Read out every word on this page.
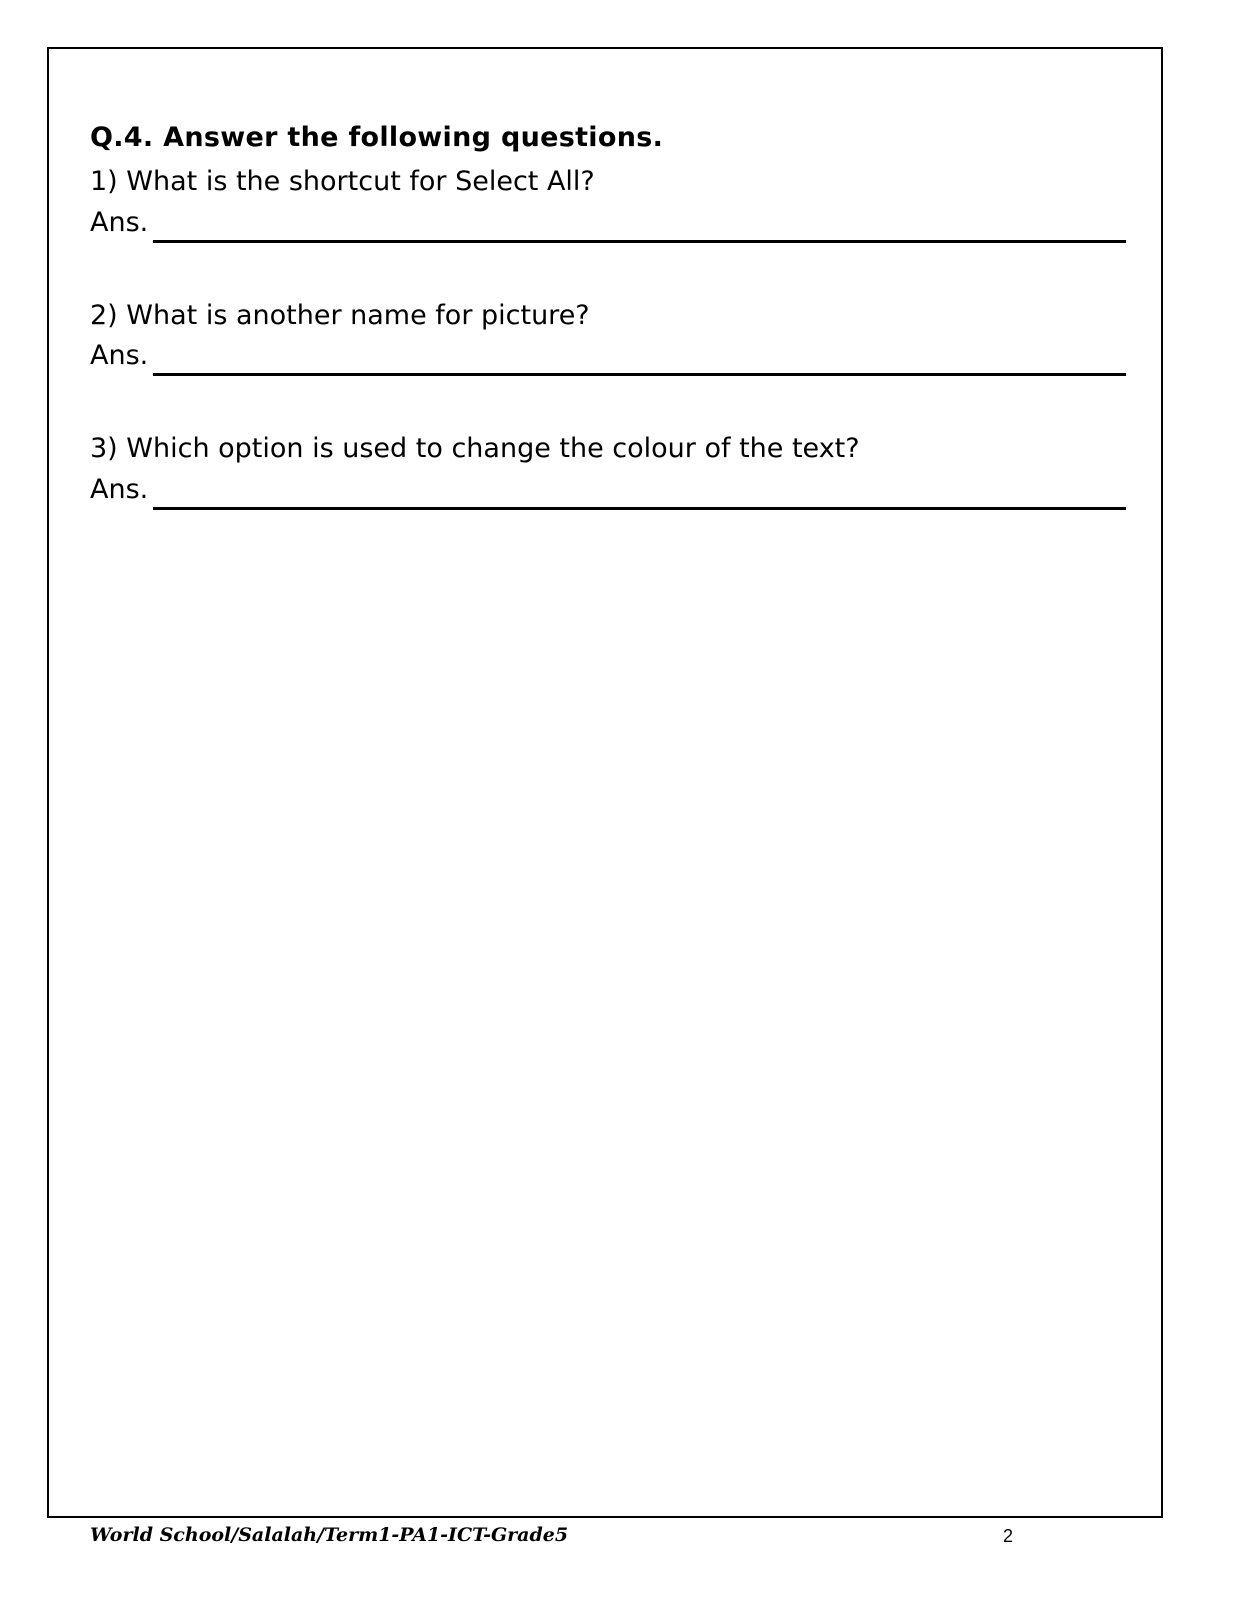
Q.4. Answer the following questions.
1) What is the shortcut for Select All?
Ans.
2) What is another name for picture?
Ans.
3) Which option is used to change the colour of the text?
Ans.
World School/Salalah/Term1-PA1-ICT-Grade5	2
